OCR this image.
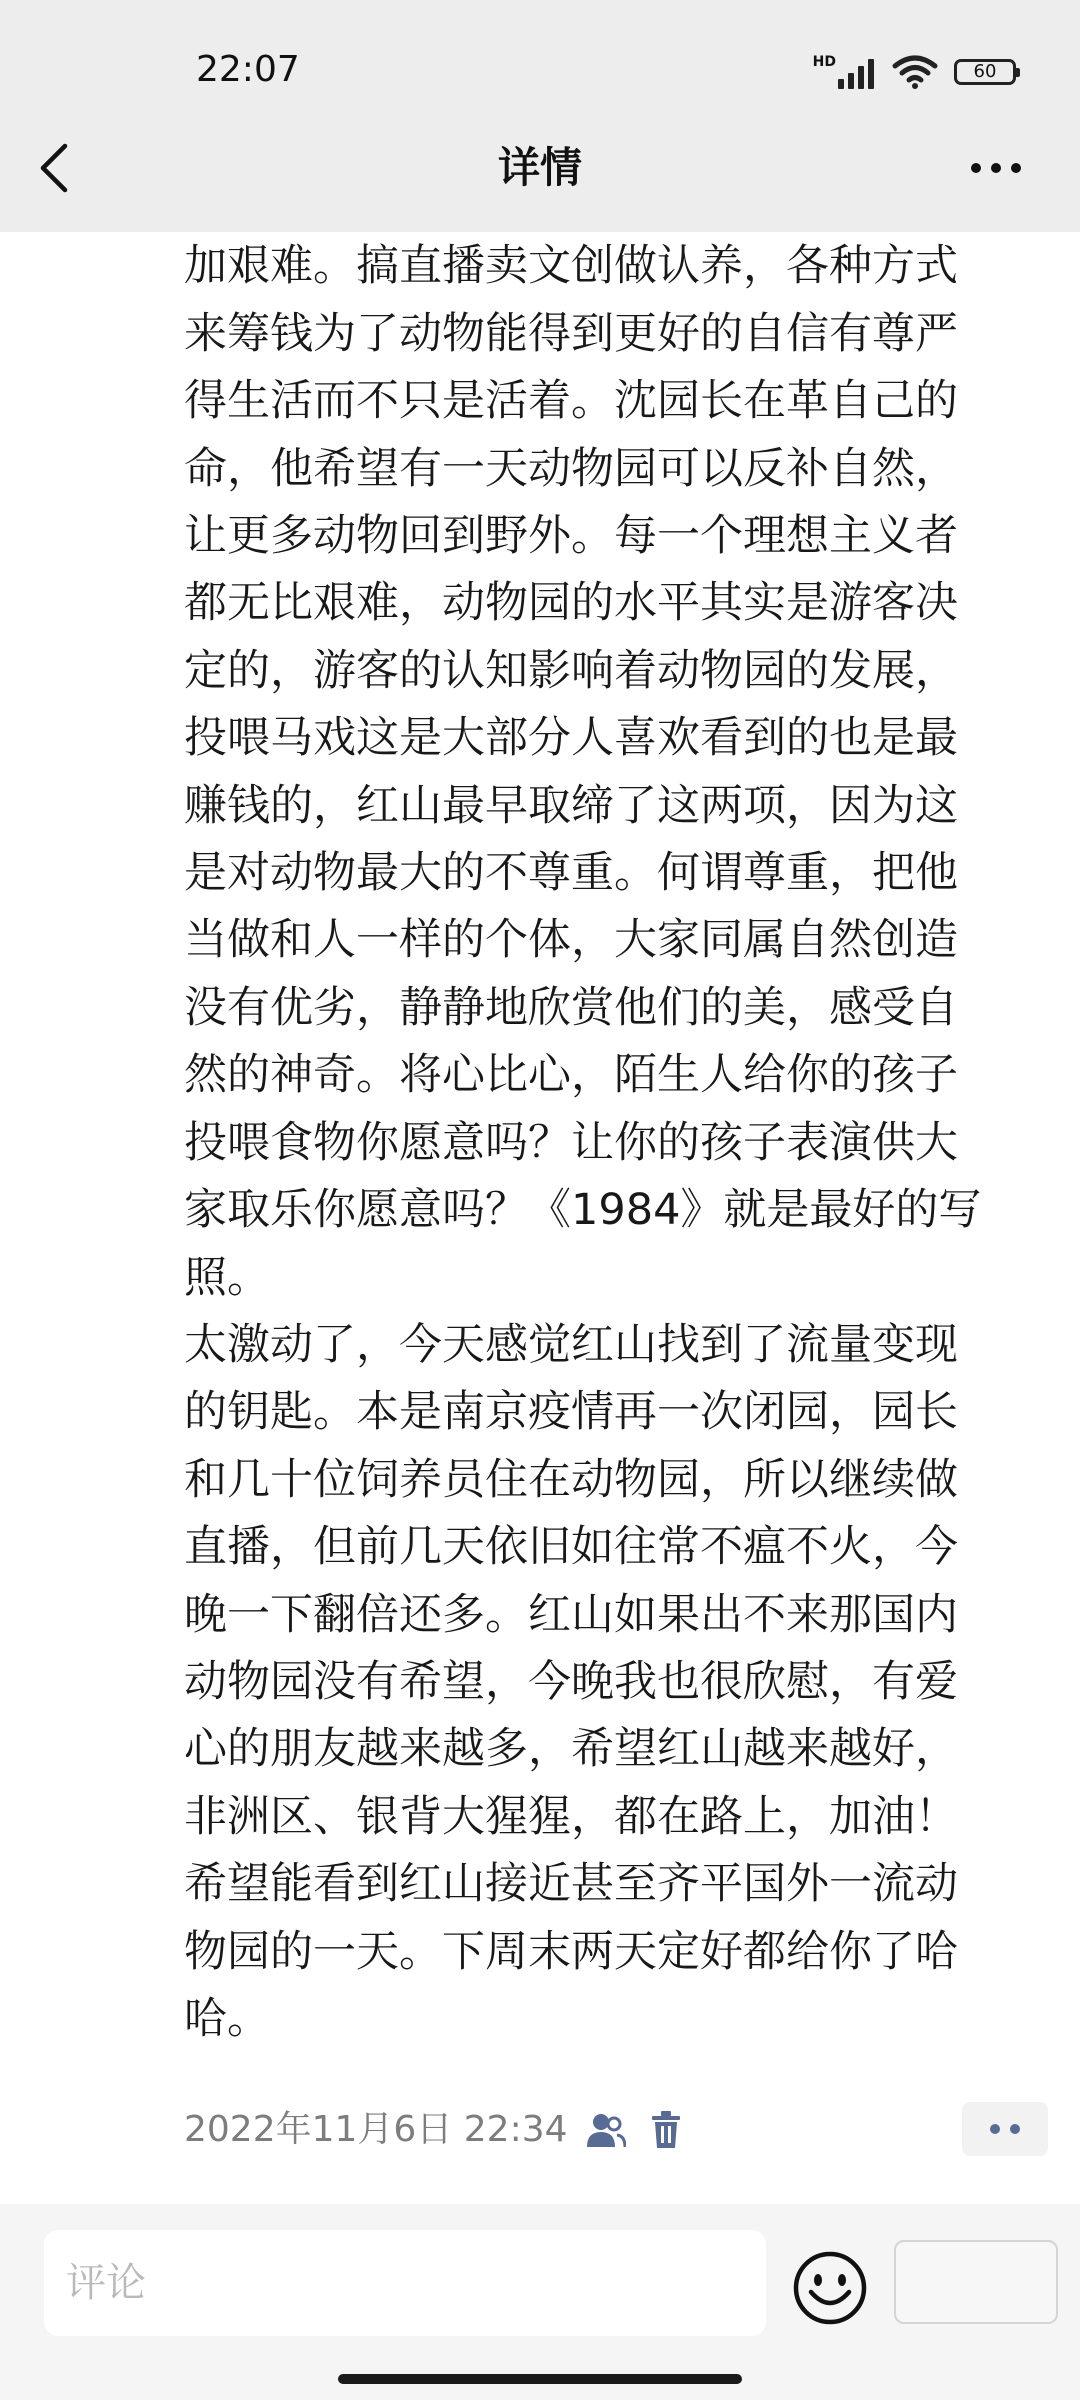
22:07	HD	60
详情

加艰难。搞直播卖文创做认养，各种方式
来筹钱为了动物能得到更好的自信有尊严
得生活而不只是活着。沈园长在革自己的
命，他希望有一天动物园可以反补自然，
让更多动物回到野外。每一个理想主义者
都无比艰难，动物园的水平其实是游客决
定的，游客的认知影响着动物园的发展，
投喂马戏这是大部分人喜欢看到的也是最
赚钱的，红山最早取缔了这两项，因为这
是对动物最大的不尊重。何谓尊重，把他
当做和人一样的个体，大家同属自然创造
没有优劣，静静地欣赏他们的美，感受自
然的神奇。将心比心，陌生人给你的孩子
投喂食物你愿意吗？让你的孩子表演供大
家取乐你愿意吗？《1984》就是最好的写
照。
太激动了，今天感觉红山找到了流量变现
的钥匙。本是南京疫情再一次闭园，园长
和几十位饲养员住在动物园，所以继续做
直播，但前几天依旧如往常不瘟不火，今
晚一下翻倍还多。红山如果出不来那国内
动物园没有希望，今晚我也很欣慰，有爱
心的朋友越来越多，希望红山越来越好，
非洲区、银背大猩猩，都在路上，加油！
希望能看到红山接近甚至齐平国外一流动
物园的一天。下周末两天定好都给你了哈
哈。
2022年11月6日 22:34
评论
